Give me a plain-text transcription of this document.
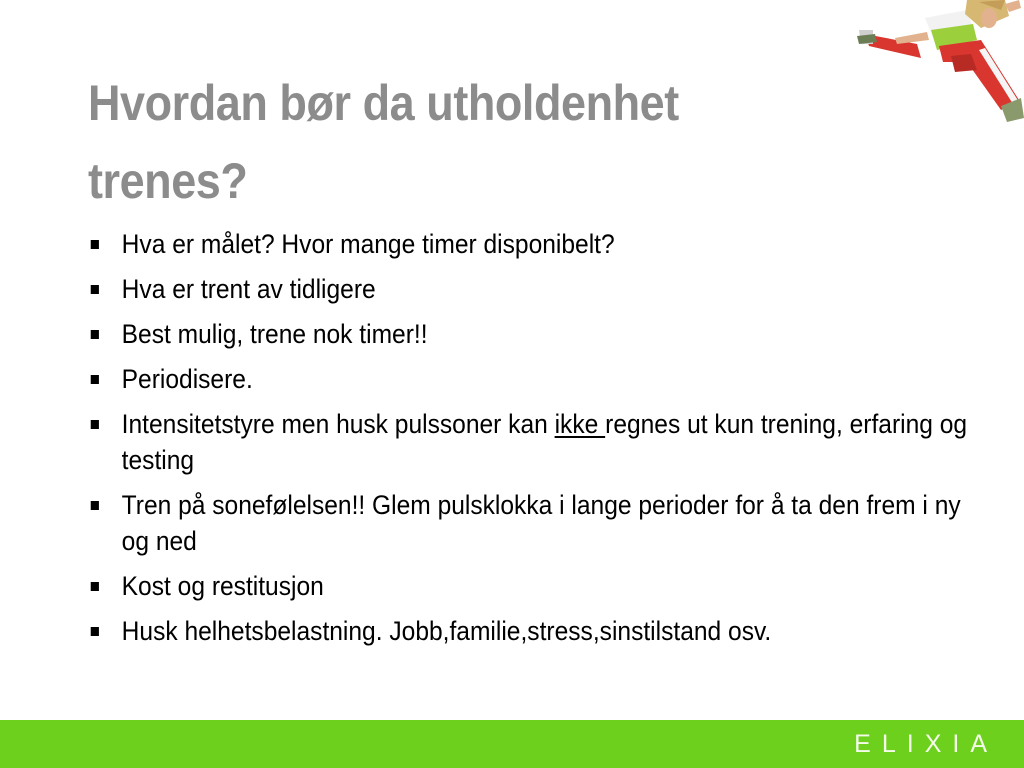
Hvordan bør da utholdenhet trenes?
Hva er målet? Hvor mange timer disponibelt?
Hva er trent av tidligere
Best mulig, trene nok timer!!
Periodisere.
Intensitetstyre men husk pulssoner kan ikke regnes ut kun trening, erfaring og testing
Tren på sonefølelsen!! Glem pulsklokka i lange perioder for å ta den frem i ny og ned
Kost og restitusjon
Husk helhetsbelastning. Jobb,familie,stress,sinstilstand osv.
ELIXIA
